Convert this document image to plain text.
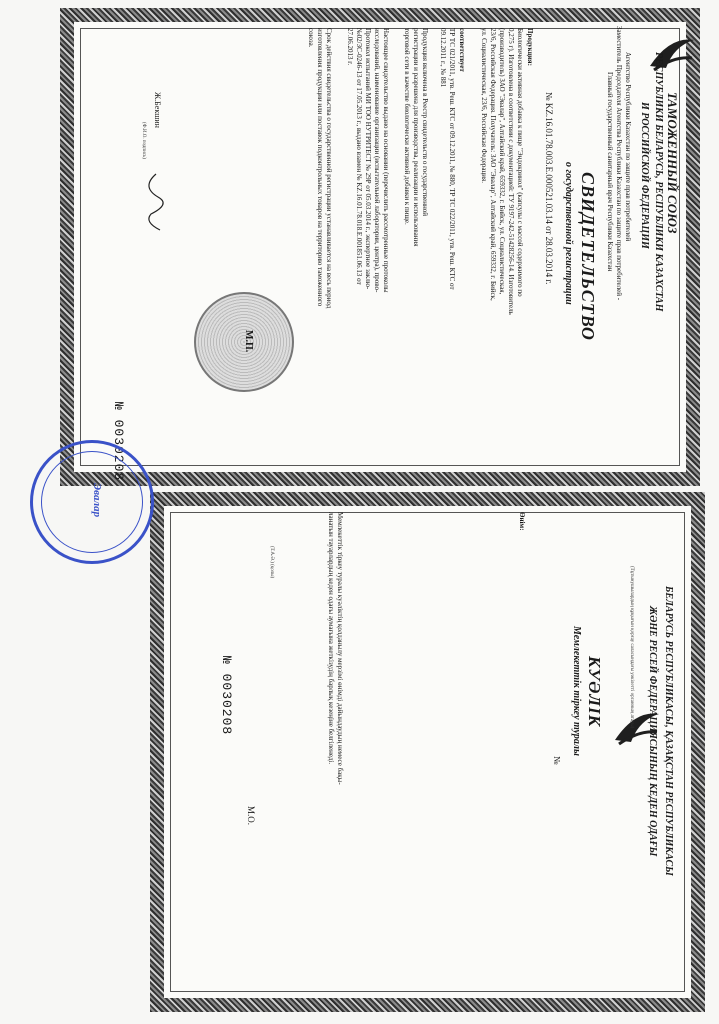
ТАМОЖЕННЫЙ СОЮЗ
РЕСПУБЛИКИ БЕЛАРУСЬ, РЕСПУБЛИКИ КАЗАХСТАН
И РОССИЙСКОЙ ФЕДЕРАЦИИ
Агентство Республики Казахстан по защите прав потребителей
Заместитель Председателя Агентства Республики Казахстан по защите прав потребителей -
Главный государственный санитарный врач Республики Казахстан
СВИДЕТЕЛЬСТВО
о государственной регистрации
№ KZ.16.01.78.003.E.000521.03.14 от 28.03.2014 г.
Продукция:
Биологически активная добавка к пище "Эндокринол" (капсулы с массой содержимого по
0,275 г). Изготовлена в соответствии с документацией: ТУ 9197-242-51428256-14. Изготовитель
(производитель) ЗАО "Эвалар", Алтайский край, 659332, г. Бийск, ул. Социалистическая,
23/6, Российская Федерация. Получатель: ЗАО "Эвалар", Алтайский край, 659332, г. Бийск,
ул. Социалистическая, 23/6, Российская Федерация.
соответствует
ТР ТС 021/2011, утв. Реш. КТС от 09.12.2011, № 880, ТР ТС 022/2011, утв. Реш. КТС от
09.12.2011 г., № 881
Продукция включена в Реестр свидетельств о государственной
регистрации и разрешена для производства, реализации и использования
торговой сети в качестве биологически активной добавки к пище.
Настоящее свидетельство выдано на основании (перечислить рассмотренные протоколы
исследований, наименование организации (испытательной лаборатории, центра), прово-
Протокол испытаний МИ ТОО НУТРИТЕСТ № 29Р от 05.03.2014 г., экспертное заклю-
№02/3С-0246-13 от 17.05.2013 г., выдано взамен № KZ.16.01.78.018.E.001851.06.13 от
27.06.2013 г.
Срок действия свидетельства о государственной регистрации устанавливается на весь период
изготовления продукции или поставок подконтрольных товаров на территорию таможенного
союза.
Ж.Бекшин
(Ф.И.О. подпись)
М.П.
№ 0030208
БЕЛАРУСЬ РЕСПУБЛИКАСЫ, ҚАЗАҚСТАН РЕСПУБЛИКАСЫ
ЖӘНЕ РЕСЕЙ ФЕДЕРАЦИЯСЫНЫҢ КЕДЕН ОДАҒЫ
(Тұтынушылардың құқығын қорғау саласындағы уәкілетті органның атауы)
КУӘЛІК
Мемлекеттік тіркеу туралы
№
Өнім:
Мемлекеттік тіркеу туралы куәліктің қолданылу мерзімі өнімді дайындаудың немесе бақы-
ланатын тауарлардың кеден одағы аумағына жеткізудің барлық кезеңіне белгіленеді.
(Т.А.Ә.) (қолы)
М.О.
№ 0030208
Эвалар
